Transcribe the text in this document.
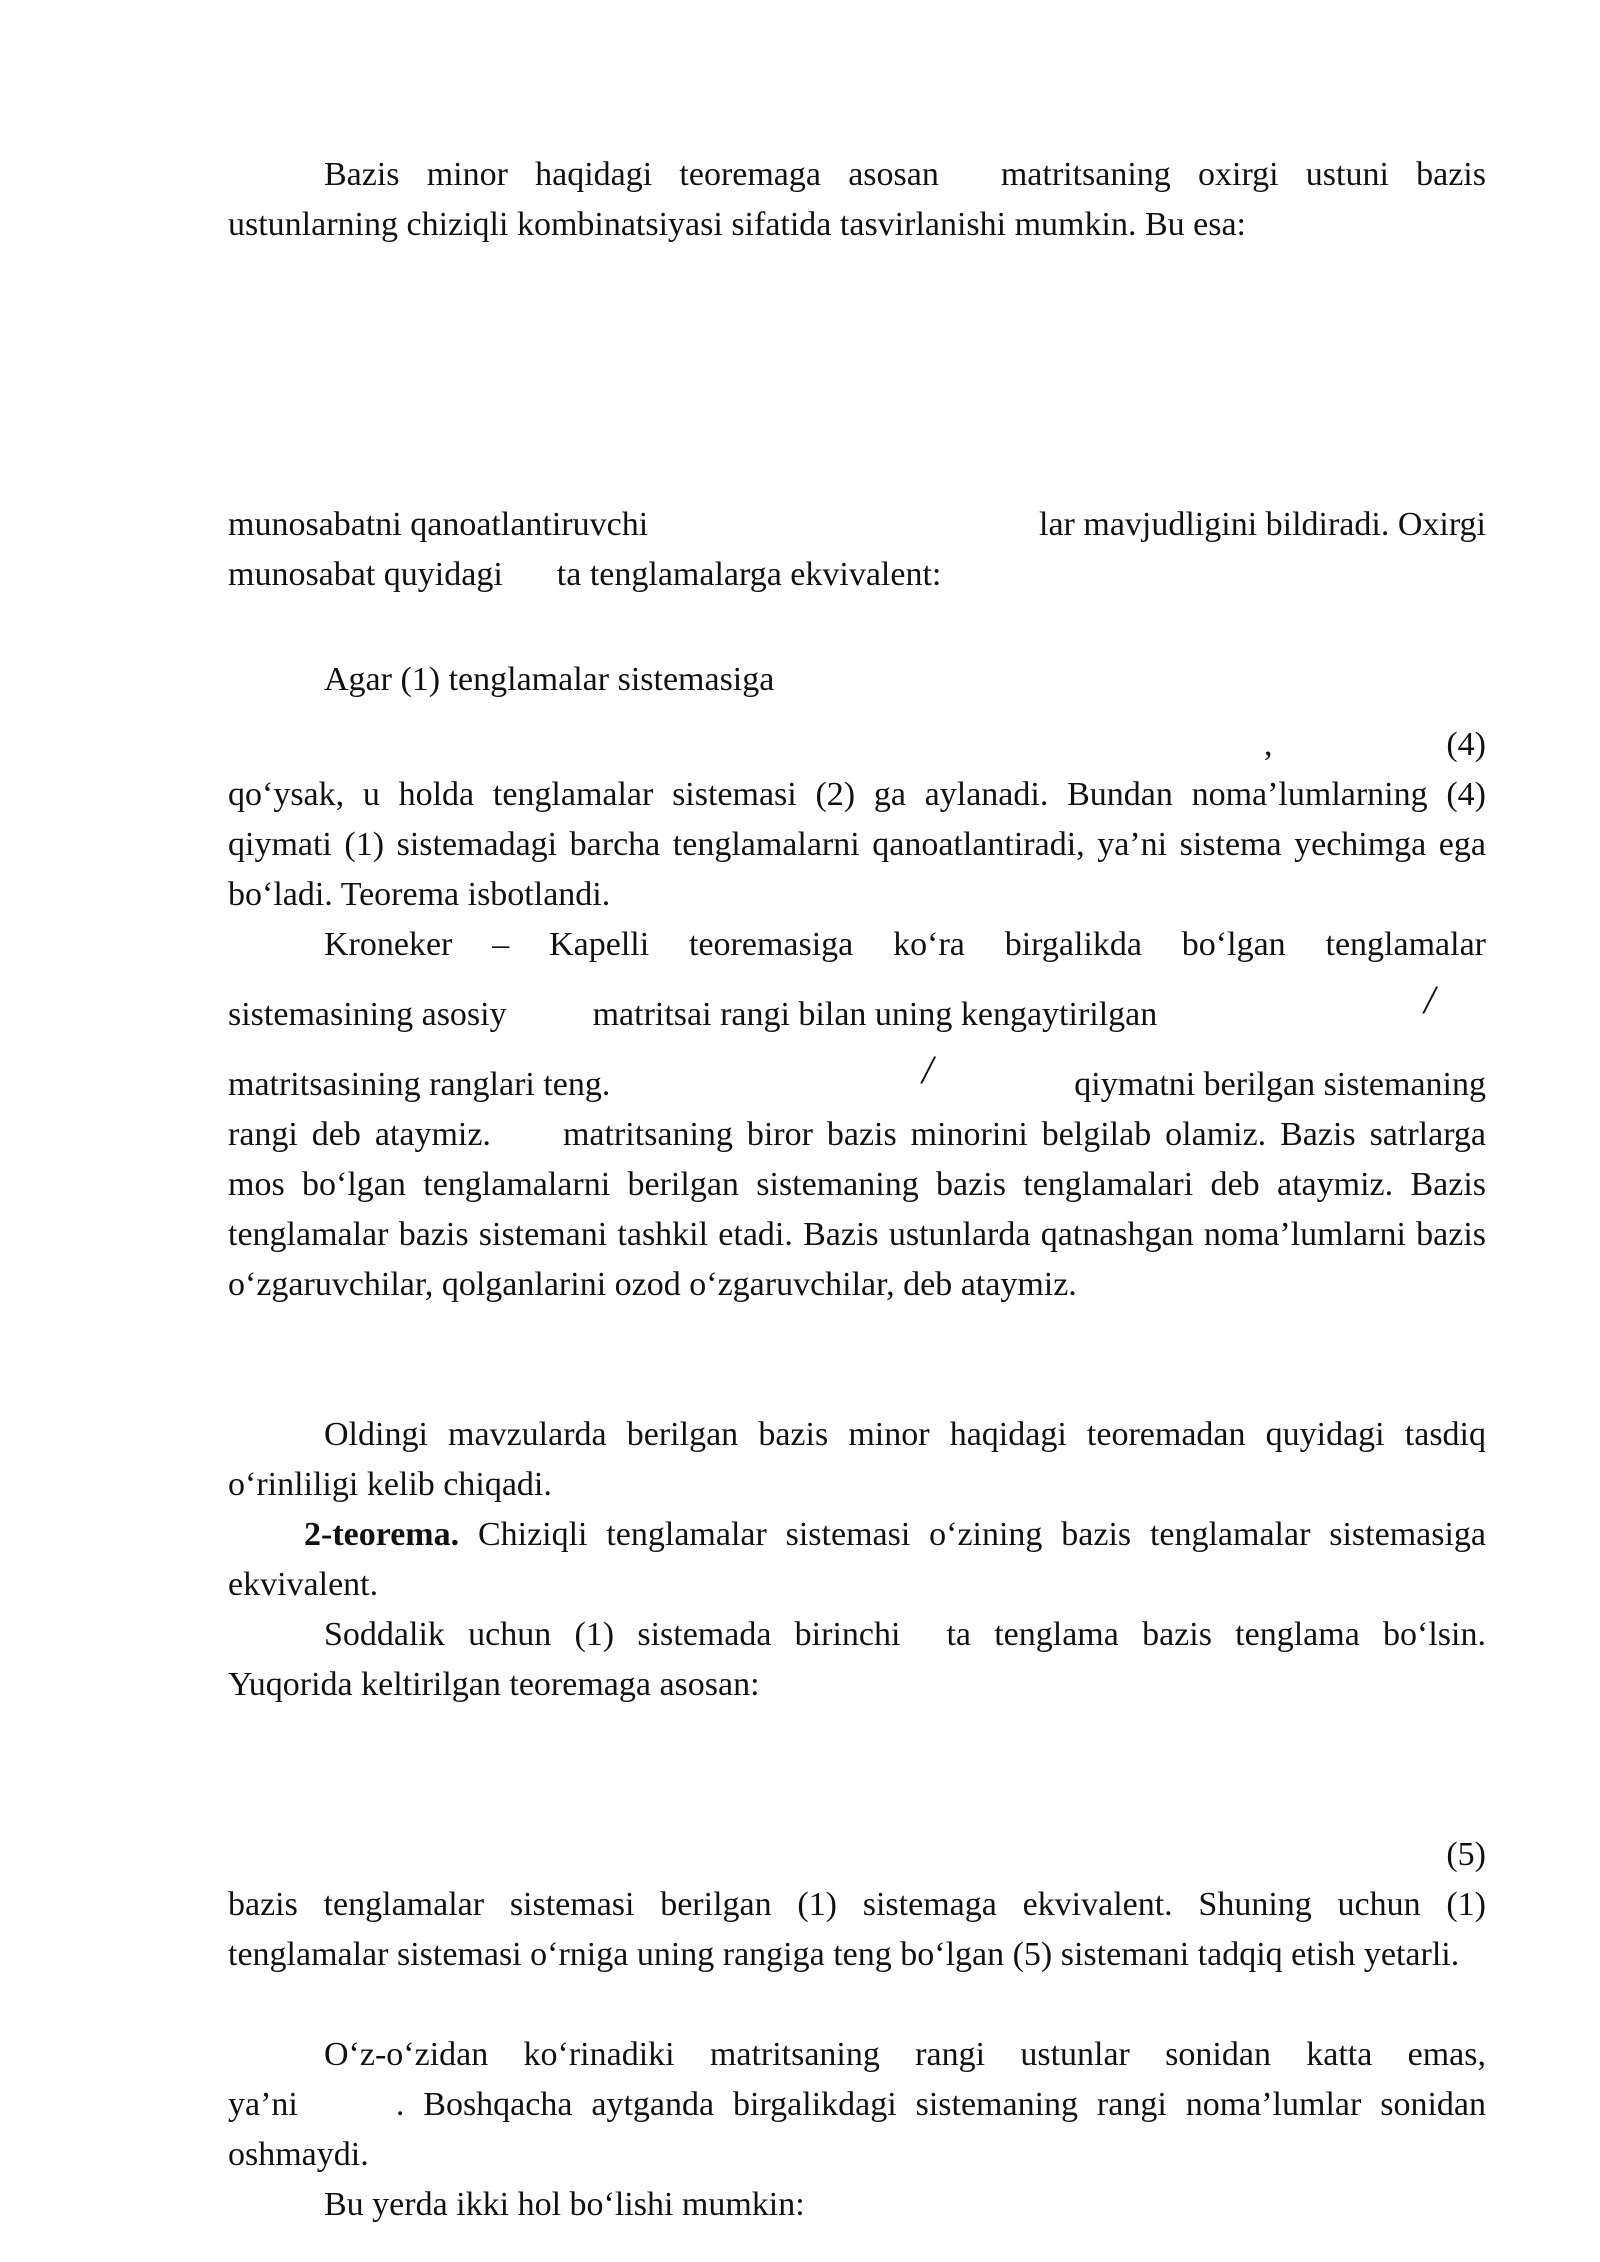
Bazis minor haqidagi teoremaga asosan matritsaning oxirgi ustuni bazis ustunlarning chiziqli kombinatsiyasi sifatida tasvirlanishi mumkin. Bu esa:

munosabatni qanoatlantiruvchi	lar mavjudligini bildiradi. Oxirgi
munosabat quyidagi ta tenglamalarga ekvivalent:
Agar (1) tenglamalar sistemasiga
,	(4)

qo‘ysak, u holda tenglamalar sistemasi (2) ga aylanadi. Bundan noma’lumlarning (4) qiymati (1) sistemadagi barcha tenglamalarni qanoatlantiradi, ya’ni sistema yechimga ega bo‘ladi. Teorema isbotlandi.

Kroneker – Kapelli teoremasiga ko‘ra birgalikda bo‘lgan tenglamalar
sistemasining asosiy	matritsai rangi bilan uning kengaytirilgan	/
matritsasining ranglari teng.	qiymatni berilgan sistemaning
/

rangi deb ataymiz. matritsaning biror bazis minorini belgilab olamiz. Bazis satrlarga mos bo‘lgan tenglamalarni berilgan sistemaning bazis tenglamalari deb ataymiz. Bazis tenglamalar bazis sistemani tashkil etadi. Bazis ustunlarda qatnashgan noma’lumlarni bazis o‘zgaruvchilar, qolganlarini ozod o‘zgaruvchilar, deb ataymiz.

Oldingi mavzularda berilgan bazis minor haqidagi teoremadan quyidagi tasdiq o‘rinliligi kelib chiqadi.

2-teorema. Chiziqli tenglamalar sistemasi o‘zining bazis tenglamalar sistemasiga ekvivalent.

Soddalik uchun (1) sistemada birinchi ta tenglama bazis tenglama bo‘lsin. Yuqorida keltirilgan teoremaga asosan:

(5)

bazis tenglamalar sistemasi berilgan (1) sistemaga ekvivalent. Shuning uchun (1) tenglamalar sistemasi o‘rniga uning rangiga teng bo‘lgan (5) sistemani tadqiq etish yetarli.

O‘z-o‘zidan ko‘rinadiki matritsaning rangi ustunlar sonidan katta emas,

ya’ni	. Boshqacha aytganda birgalikdagi sistemaning rangi noma’lumlar sonidan oshmaydi.

Bu yerda ikki hol bo‘lishi mumkin:
